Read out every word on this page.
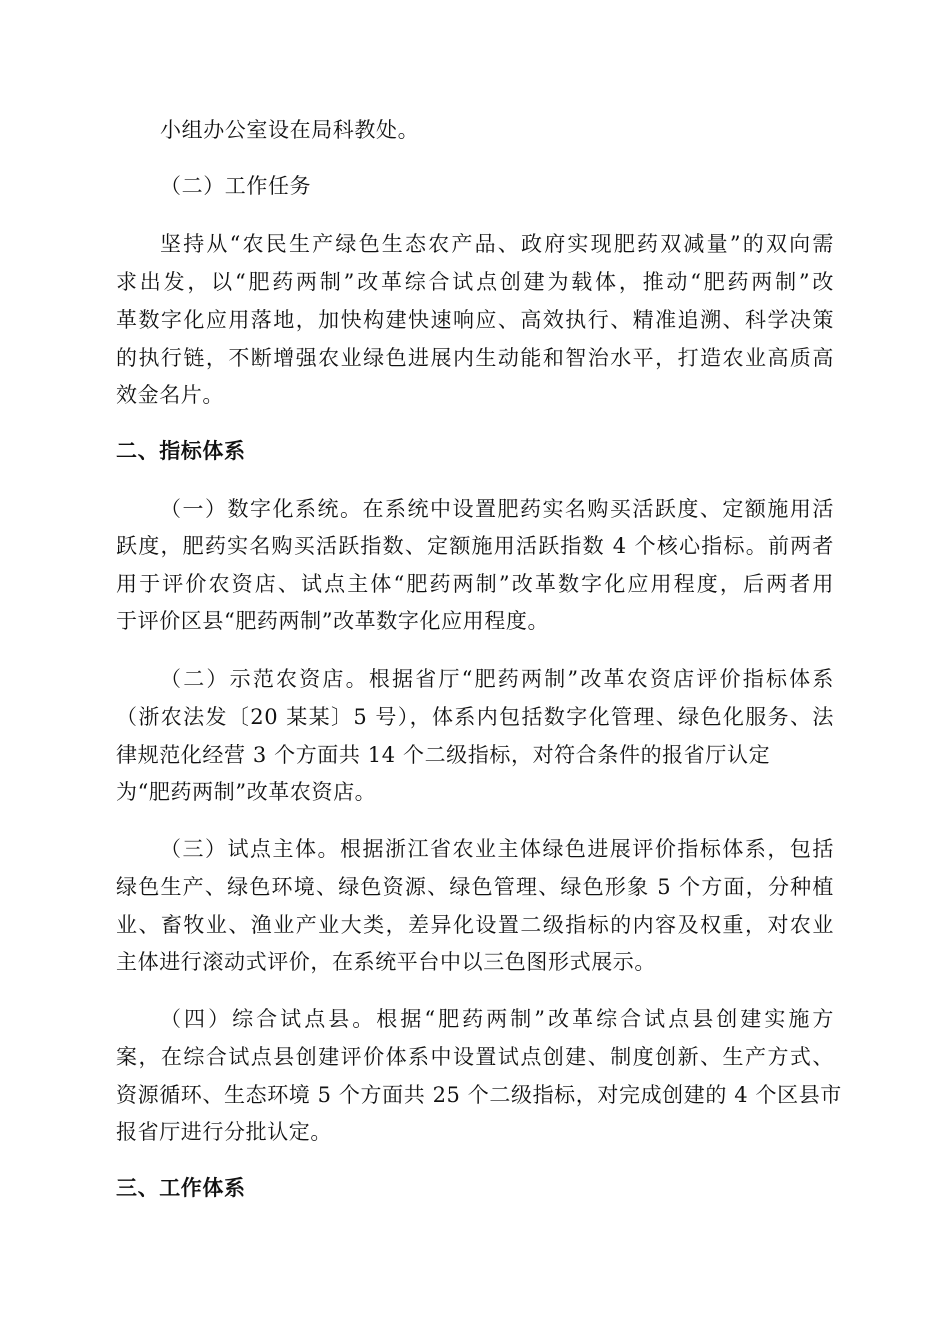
小组办公室设在局科教处。
（二）工作任务
坚持从“农民生产绿色生态农产品、政府实现肥药双减量”的双向需
求出发，以“肥药两制”改革综合试点创建为载体，推动“肥药两制”改
革数字化应用落地，加快构建快速响应、高效执行、精准追溯、科学决策
的执行链，不断增强农业绿色进展内生动能和智治水平，打造农业高质高
效金名片。
二、指标体系
（一）数字化系统。在系统中设置肥药实名购买活跃度、定额施用活
跃度，肥药实名购买活跃指数、定额施用活跃指数 4 个核心指标。前两者
用于评价农资店、试点主体“肥药两制”改革数字化应用程度，后两者用
于评价区县“肥药两制”改革数字化应用程度。
（二）示范农资店。根据省厅“肥药两制”改革农资店评价指标体系
（浙农法发〔20 某某〕5 号），体系内包括数字化管理、绿色化服务、法
律规范化经营 3 个方面共 14 个二级指标，对符合条件的报省厅认定
为“肥药两制”改革农资店。
（三）试点主体。根据浙江省农业主体绿色进展评价指标体系，包括
绿色生产、绿色环境、绿色资源、绿色管理、绿色形象 5 个方面，分种植
业、畜牧业、渔业产业大类，差异化设置二级指标的内容及权重，对农业
主体进行滚动式评价，在系统平台中以三色图形式展示。
（四）综合试点县。根据“肥药两制”改革综合试点县创建实施方
案，在综合试点县创建评价体系中设置试点创建、制度创新、生产方式、
资源循环、生态环境 5 个方面共 25 个二级指标，对完成创建的 4 个区县市
报省厅进行分批认定。
三、工作体系
